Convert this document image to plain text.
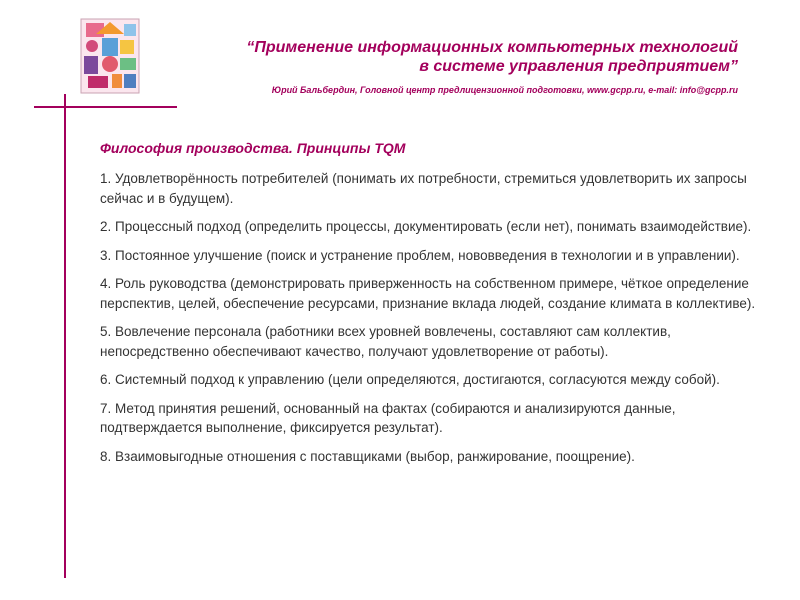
“Применение информационных компьютерных технологий
в системе управления предприятием”
Юрий Бальбердин, Головной центр предлицензионной подготовки, www.gcpp.ru, e-mail: info@gcpp.ru
Философия производства. Принципы TQM

1. Удовлетворённость потребителей (понимать их потребности, стремиться удовлетворить их запросы сейчас и в будущем).

2. Процессный подход (определить процессы, документировать (если нет), понимать взаимодействие).

3. Постоянное улучшение (поиск и устранение проблем, нововведения в технологии и в управлении).

4. Роль руководства (демонстрировать приверженность на собственном примере, чёткое определение перспектив, целей, обеспечение ресурсами, признание вклада людей, создание климата в коллективе).

5. Вовлечение персонала (работники всех уровней вовлечены, составляют сам коллектив, непосредственно обеспечивают качество, получают удовлетворение от работы).

6. Системный подход к управлению (цели определяются, достигаются, согласуются между собой).

7. Метод принятия решений, основанный на фактах (собираются и анализируются данные, подтверждается выполнение, фиксируется результат).

8. Взаимовыгодные отношения с поставщиками (выбор, ранжирование, поощрение).
